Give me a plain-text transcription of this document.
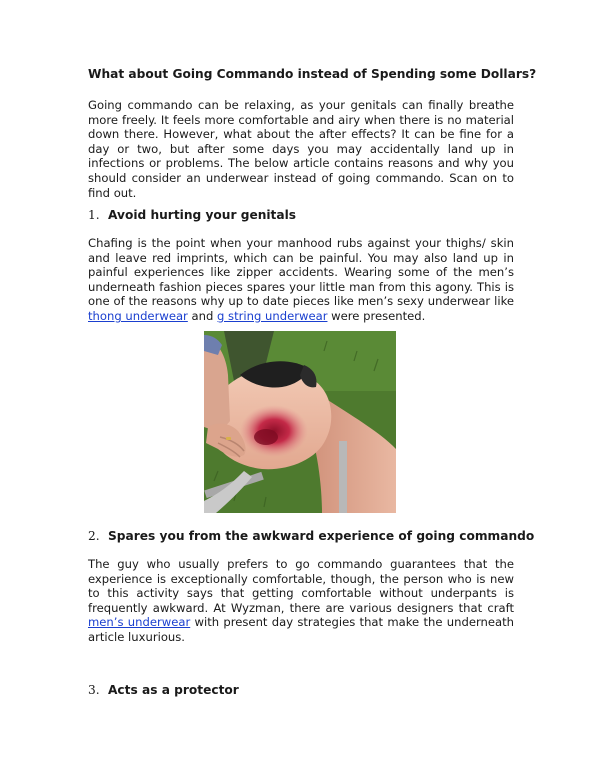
What about Going Commando instead of Spending some Dollars?

Going commando can be relaxing, as your genitals can finally breathe more freely. It feels more comfortable and airy when there is no material down there. However, what about the after effects? It can be fine for a day or two, but after some days you may accidentally land up in infections or problems. The below article contains reasons and why you should consider an underwear instead of going commando. Scan on to find out.

1. Avoid hurting your genitals

Chafing is the point when your manhood rubs against your thighs/ skin and leave red imprints, which can be painful. You may also land up in painful experiences like zipper accidents. Wearing some of the men’s underneath fashion pieces spares your little man from this agony. This is one of the reasons why up to date pieces like men’s sexy underwear like thong underwear and g string underwear were presented.

2. Spares you from the awkward experience of going commando

The guy who usually prefers to go commando guarantees that the experience is exceptionally comfortable, though, the person who is new to this activity says that getting comfortable without underpants is frequently awkward. At Wyzman, there are various designers that craft men’s underwear with present day strategies that make the underneath article luxurious.

3. Acts as a protector
